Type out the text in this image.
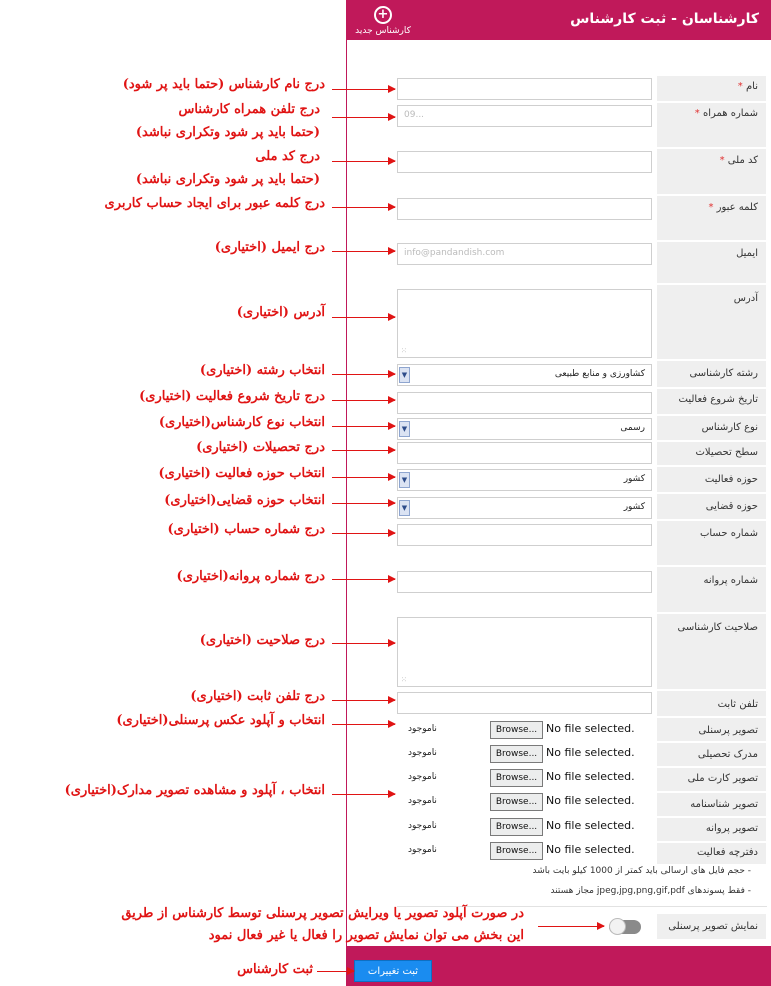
+
کارشناس جدید
کارشناسان - ثبت کارشناس
نام *
شماره همراه *
09...
کد ملی *
کلمه عبور *
ایمیل
info@pandandish.com
آدرس
⁙
رشته کارشناسی
کشاورزی و منابع طبیعی
▼
تاریخ شروع فعالیت
نوع کارشناس
رسمی
▼
سطح تحصیلات
حوزه فعالیت
کشور
▼
حوزه قضایی
کشور
▼
شماره حساب
شماره پروانه
صلاحیت کارشناسی
⁙
تلفن ثابت
تصویر پرسنلی
Browse... No file selected.
ناموجود
مدرک تحصیلی
Browse... No file selected.
ناموجود
تصویر کارت ملی
Browse... No file selected.
ناموجود
تصویر شناسنامه
Browse... No file selected.
ناموجود
تصویر پروانه
Browse... No file selected.
ناموجود
دفترچه فعالیت
Browse... No file selected.
ناموجود
- حجم فایل های ارسالی باید کمتر از 1000 کیلو بایت باشد
- فقط پسوندهای jpeg,jpg,png,gif,pdf مجاز هستند
نمایش تصویر پرسنلی
ثبت تغییرات
درج نام کارشناس (حتما باید پر شود)
درج تلفن همراه کارشناس
(حتما باید پر شود وتکراری نباشد)
درج کد ملی
(حتما باید پر شود وتکراری نباشد)
درج کلمه عبور برای ایجاد حساب کاربری
درج ایمیل (اختیاری)
آدرس (اختیاری)
انتخاب رشته (اختیاری)
درج تاریخ شروع فعالیت (اختیاری)
انتخاب نوع کارشناس(اختیاری)
درج تحصیلات (اختیاری)
انتخاب حوزه فعالیت (اختیاری)
انتخاب حوزه قضایی(اختیاری)
درج شماره حساب (اختیاری)
درج شماره پروانه(اختیاری)
درج صلاحیت (اختیاری)
درج تلفن ثابت (اختیاری)
انتخاب و آپلود عکس پرسنلی(اختیاری)
انتخاب ، آپلود و مشاهده تصویر مدارک(اختیاری)
در صورت آپلود تصویر یا ویرایش تصویر پرسنلی توسط کارشناس از طریق
این بخش می توان نمایش تصویر را فعال یا غیر فعال نمود
ثبت کارشناس
